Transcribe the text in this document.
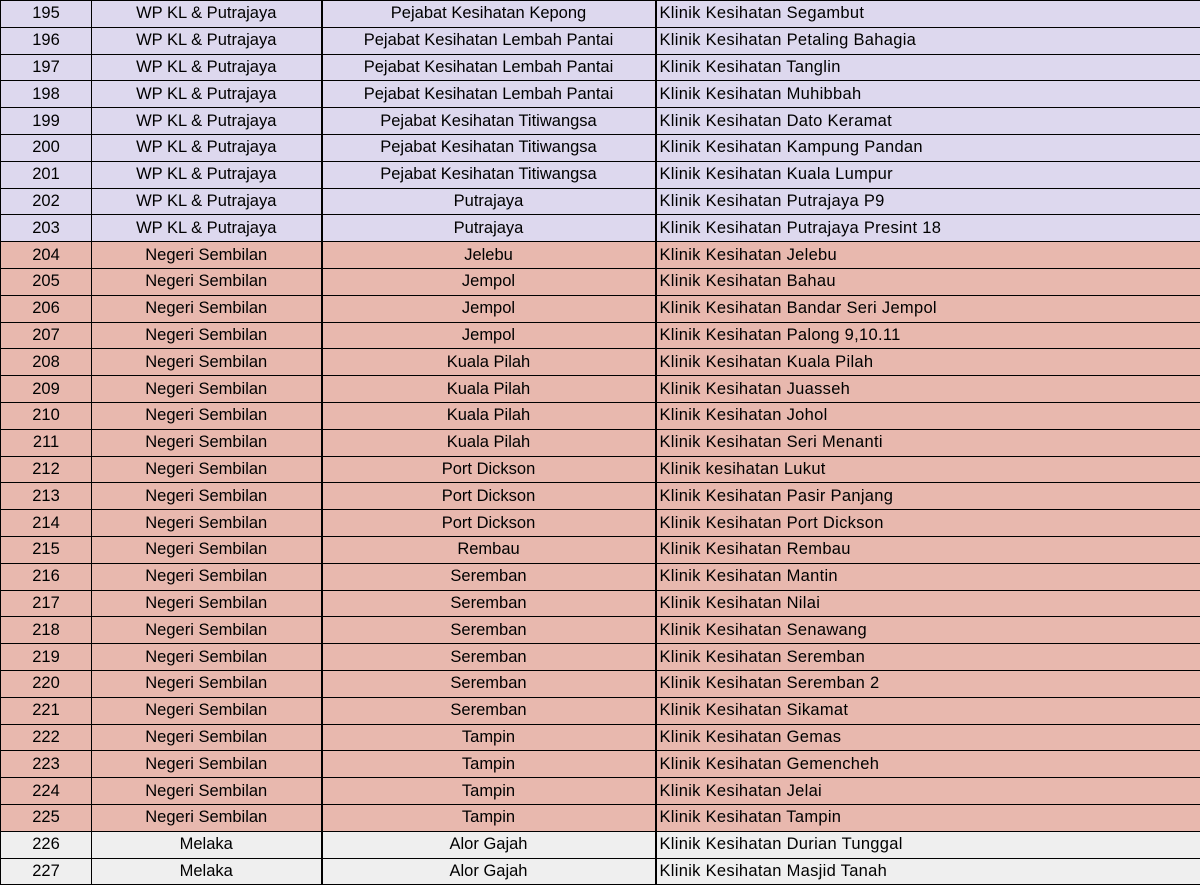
195	WP KL & Putrajaya	Pejabat Kesihatan Kepong	Klinik Kesihatan Segambut
196	WP KL & Putrajaya	Pejabat Kesihatan Lembah Pantai	Klinik Kesihatan Petaling Bahagia
197	WP KL & Putrajaya	Pejabat Kesihatan Lembah Pantai	Klinik Kesihatan Tanglin
198	WP KL & Putrajaya	Pejabat Kesihatan Lembah Pantai	Klinik Kesihatan Muhibbah
199	WP KL & Putrajaya	Pejabat Kesihatan Titiwangsa	Klinik Kesihatan Dato Keramat
200	WP KL & Putrajaya	Pejabat Kesihatan Titiwangsa	Klinik Kesihatan Kampung Pandan
201	WP KL & Putrajaya	Pejabat Kesihatan Titiwangsa	Klinik Kesihatan Kuala Lumpur
202	WP KL & Putrajaya	Putrajaya	Klinik Kesihatan Putrajaya P9
203	WP KL & Putrajaya	Putrajaya	Klinik Kesihatan Putrajaya Presint 18
204	Negeri Sembilan	Jelebu	Klinik Kesihatan Jelebu
205	Negeri Sembilan	Jempol	Klinik Kesihatan Bahau
206	Negeri Sembilan	Jempol	Klinik Kesihatan Bandar Seri Jempol
207	Negeri Sembilan	Jempol	Klinik Kesihatan Palong 9,10.11
208	Negeri Sembilan	Kuala Pilah	Klinik Kesihatan Kuala Pilah
209	Negeri Sembilan	Kuala Pilah	Klinik Kesihatan Juasseh
210	Negeri Sembilan	Kuala Pilah	Klinik Kesihatan Johol
211	Negeri Sembilan	Kuala Pilah	Klinik Kesihatan Seri Menanti
212	Negeri Sembilan	Port Dickson	Klinik kesihatan Lukut
213	Negeri Sembilan	Port Dickson	Klinik Kesihatan Pasir Panjang
214	Negeri Sembilan	Port Dickson	Klinik Kesihatan Port Dickson
215	Negeri Sembilan	Rembau	Klinik Kesihatan Rembau
216	Negeri Sembilan	Seremban	Klinik Kesihatan Mantin
217	Negeri Sembilan	Seremban	Klinik Kesihatan Nilai
218	Negeri Sembilan	Seremban	Klinik Kesihatan Senawang
219	Negeri Sembilan	Seremban	Klinik Kesihatan Seremban
220	Negeri Sembilan	Seremban	Klinik Kesihatan Seremban 2
221	Negeri Sembilan	Seremban	Klinik Kesihatan Sikamat
222	Negeri Sembilan	Tampin	Klinik Kesihatan Gemas
223	Negeri Sembilan	Tampin	Klinik Kesihatan Gemencheh
224	Negeri Sembilan	Tampin	Klinik Kesihatan Jelai
225	Negeri Sembilan	Tampin	Klinik Kesihatan Tampin
226	Melaka	Alor Gajah	Klinik Kesihatan Durian Tunggal
227	Melaka	Alor Gajah	Klinik Kesihatan Masjid Tanah
